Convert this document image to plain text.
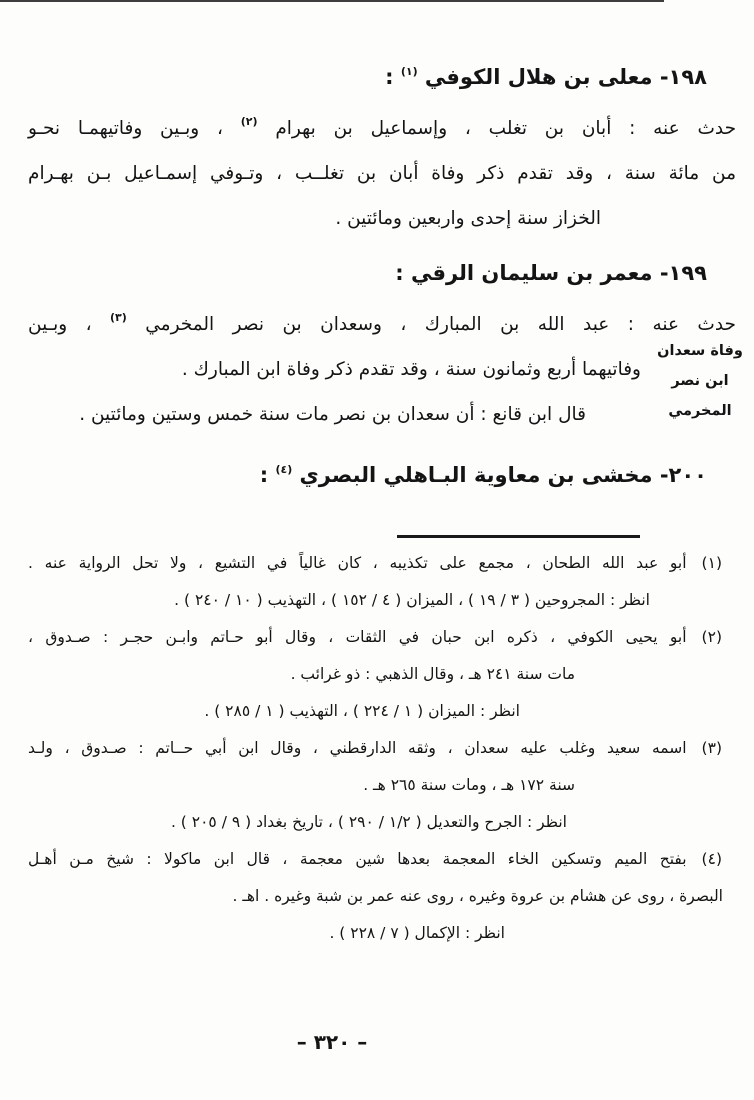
١٩٨- معلى بن هلال الكوفي $^{(١)}$ :
حدث عنه : أبان بن تغلب ، وإسماعيل بن بهرام $^{(٢)}$ ، وبـين وفاتيهمـا نحـو
من مائة سنة ، وقد تقدم ذكر وفاة أبان بن تغلــب ، وتـوفي إسمـاعيل بـن بهـرام
الخزاز سنة إحدى واربعين ومائتين .
١٩٩- معمر بن سليمان الرقي :
حدث عنه : عبد الله بن المبارك ، وسعدان بن نصر المخرمي $^{(٣)}$ ، وبـين
وفاتيهما أربع وثمانون سنة ، وقد تقدم ذكر وفاة ابن المبارك .
قال ابن قانع : أن سعدان بن نصر مات سنة خمس وستين ومائتين .
وفاة سعدان
ابن نصر
المخرمي
٢٠٠- مخشى بن معاوية البـاهلي البصري $^{(٤)}$ :
(١)أبو عبد الله الطحان ، مجمع على تكذيبه ، كان غالياً في التشيع ، ولا تحل الرواية عنه .
انظر : المجروحين ( ٣ / ١٩ ) ، الميزان ( ٤ / ١٥٢ ) ، التهذيب ( ١٠ / ٢٤٠ ) .
(٢)أبو يحيى الكوفي ، ذكره ابن حبان في الثقات ، وقال أبو حـاتم وابـن حجـر : صـدوق ،
مات سنة ٢٤١ هـ ، وقال الذهبي : ذو غرائب .
انظر : الميزان ( ١ / ٢٢٤ ) ، التهذيب ( ١ / ٢٨٥ ) .
(٣)اسمه سعيد وغلب عليه سعدان ، وثقه الدارقطني ، وقال ابن أبي حــاتم : صـدوق ، ولـد
سنة ١٧٢ هـ ، ومات سنة ٢٦٥ هـ .
انظر : الجرح والتعديل ( ١/٢ / ٢٩٠ ) ، تاريخ بغداد ( ٩ / ٢٠٥ ) .
(٤)بفتح الميم وتسكين الخاء المعجمة بعدها شين معجمة ، قال ابن ماكولا : شيخ مـن أهـل
البصرة ، روى عن هشام بن عروة وغيره ، روى عنه عمر بن شبة وغيره . اهـ .
انظر : الإكمال ( ٧ / ٢٢٨ ) .
– ٣٢٠ –
